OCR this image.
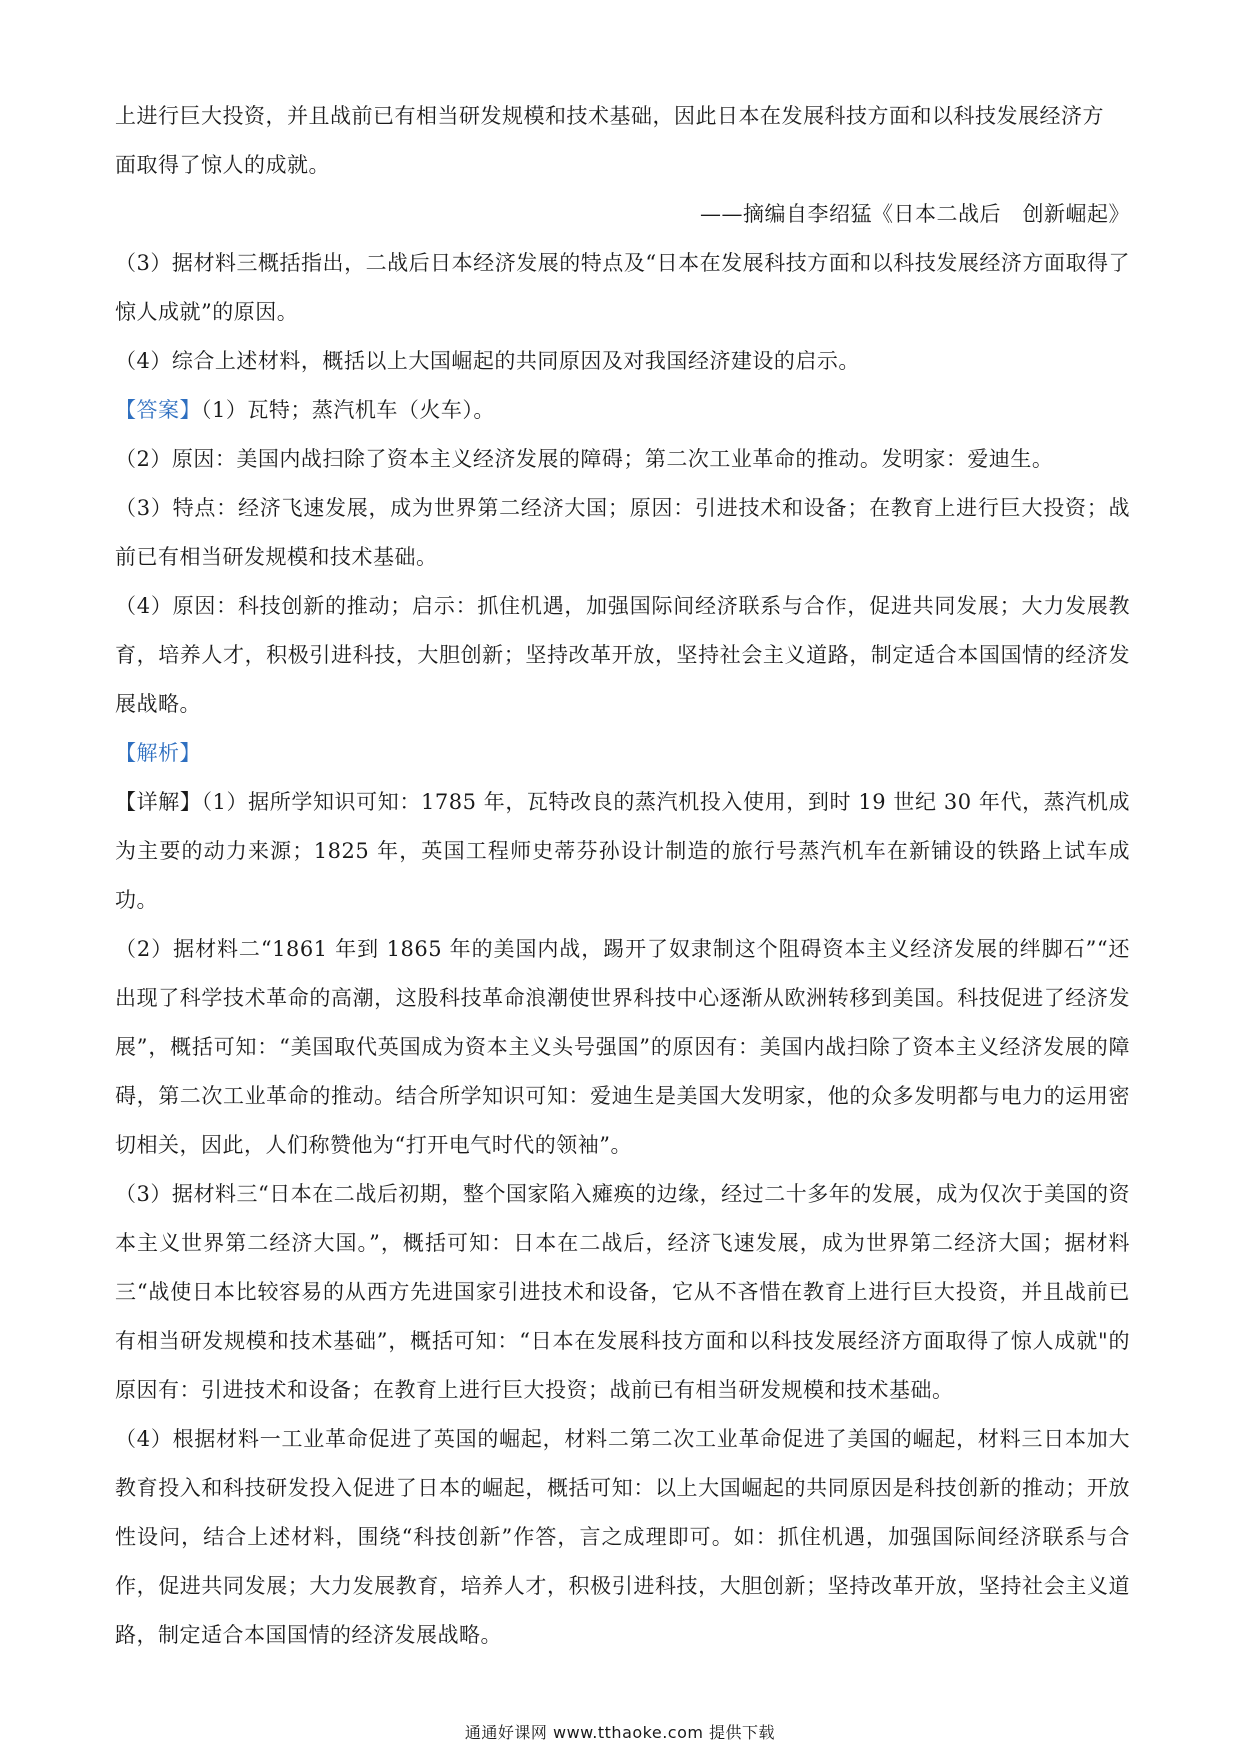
上进行巨大投资，并且战前已有相当研发规模和技术基础，因此日本在发展科技方面和以科技发展经济方

面取得了惊人的成就。

——摘编自李绍猛《日本二战后　创新崛起》

（3）据材料三概括指出，二战后日本经济发展的特点及“日本在发展科技方面和以科技发展经济方面取得了惊人成就”的原因。

（4）综合上述材料，概括以上大国崛起的共同原因及对我国经济建设的启示。

【答案】（1）瓦特；蒸汽机车（火车）。

（2）原因：美国内战扫除了资本主义经济发展的障碍；第二次工业革命的推动。发明家：爱迪生。

（3）特点：经济飞速发展，成为世界第二经济大国；原因：引进技术和设备；在教育上进行巨大投资；战前已有相当研发规模和技术基础。

（4）原因：科技创新的推动；启示：抓住机遇，加强国际间经济联系与合作，促进共同发展；大力发展教育，培养人才，积极引进科技，大胆创新；坚持改革开放，坚持社会主义道路，制定适合本国国情的经济发展战略。

【解析】

【详解】（1）据所学知识可知：1785 年，瓦特改良的蒸汽机投入使用，到时 19 世纪 30 年代，蒸汽机成为主要的动力来源；1825 年，英国工程师史蒂芬孙设计制造的旅行号蒸汽机车在新铺设的铁路上试车成功。

（2）据材料二“1861 年到 1865 年的美国内战，踢开了奴隶制这个阻碍资本主义经济发展的绊脚石”“还出现了科学技术革命的高潮，这股科技革命浪潮使世界科技中心逐渐从欧洲转移到美国。科技促进了经济发展”，概括可知：“美国取代英国成为资本主义头号强国”的原因有：美国内战扫除了资本主义经济发展的障碍，第二次工业革命的推动。结合所学知识可知：爱迪生是美国大发明家，他的众多发明都与电力的运用密切相关，因此，人们称赞他为“打开电气时代的领袖”。

（3）据材料三“日本在二战后初期，整个国家陷入瘫痪的边缘，经过二十多年的发展，成为仅次于美国的资本主义世界第二经济大国。”，概括可知：日本在二战后，经济飞速发展，成为世界第二经济大国；据材料三“战使日本比较容易的从西方先进国家引进技术和设备，它从不吝惜在教育上进行巨大投资，并且战前已有相当研发规模和技术基础”，概括可知：“日本在发展科技方面和以科技发展经济方面取得了惊人成就"的原因有：引进技术和设备；在教育上进行巨大投资；战前已有相当研发规模和技术基础。

（4）根据材料一工业革命促进了英国的崛起，材料二第二次工业革命促进了美国的崛起，材料三日本加大教育投入和科技研发投入促进了日本的崛起，概括可知：以上大国崛起的共同原因是科技创新的推动；开放性设问，结合上述材料，围绕“科技创新”作答，言之成理即可。如：抓住机遇，加强国际间经济联系与合作，促进共同发展；大力发展教育，培养人才，积极引进科技，大胆创新；坚持改革开放，坚持社会主义道路，制定适合本国国情的经济发展战略。

通通好课网 www.tthaoke.com 提供下载
